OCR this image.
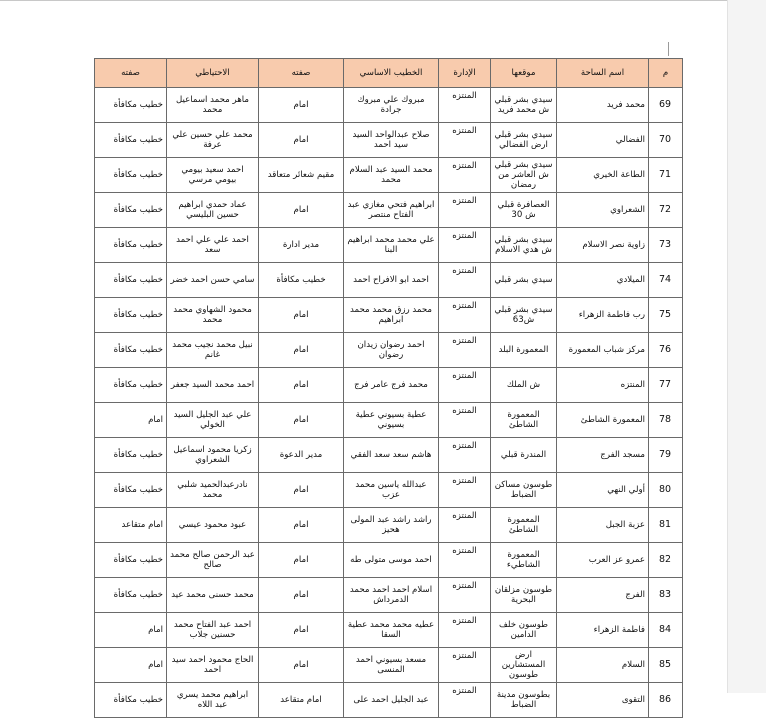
م	اسم الساحة	موقعها	الإدارة	الخطيب الاساسي	صفته	الاحتياطي	صفته
69	محمد فريد	سيدي بشر قبلي ش محمد فريد	المنتزه	مبروك علي مبروك جرادة	امام	ماهر محمد اسماعيل محمد	خطيب مكافأة
70	الفضالي	سيدي بشر قبلي ارض الفضالي	المنتزه	صلاح عبدالواحد السيد سيد احمد	امام	محمد علي حسين علي عرفة	خطيب مكافأة
71	الطاعة الخيري	سيدي بشر قبلي ش العاشر من رمضان	المنتزه	محمد السيد عبد السلام محمد	مقيم شعائر متعاقد	احمد سعيد بيومي بيومي مرسي	خطيب مكافأة
72	الشعراوي	العصافرة قبلي ش 30	المنتزه	ابراهيم فتحي مغازي عبد الفتاح منتصر	امام	عماد حمدي ابراهيم حسين البليسي	خطيب مكافأة
73	زاوية نصر الاسلام	سيدي بشر قبلي ش هدي الاسلام	المنتزه	علي محمد محمد ابراهيم البنا	مدير ادارة	احمد علي علي احمد سعد	خطيب مكافأة
74	الميلادي	سيدي بشر قبلي	المنتزه	احمد ابو الافراح احمد	خطيب مكافأة	سامي حسن احمد خضر	خطيب مكافأة
75	رب فاطمة الزهراء	سيدي بشر قبلي ش63	المنتزه	محمد رزق محمد محمد ابراهيم	امام	محمود الشهاوي محمد محمد	خطيب مكافأة
76	مركز شباب المعمورة	المعمورة البلد	المنتزه	احمد رضوان زيدان رضوان	امام	نبيل محمد نجيب محمد غانم	خطيب مكافأة
77	المنتزه	ش الملك	المنتزه	محمد فرج عامر فرج	امام	احمد محمد السيد جعفر	خطيب مكافأة
78	المعمورة الشاطئ	المعمورة الشاطئ	المنتزه	عطية بسيوني عطية بسيوني	امام	علي عبد الجليل السيد الخولي	امام
79	مسجد الفرج	المندرة قبلي	المنتزه	هاشم سعد سعد الفقي	مدير الدعوة	زكريا محمود اسماعيل الشعراوي	خطيب مكافأة
80	أولي النهي	طوسون مساكن الضباط	المنتزه	عبدالله ياسين محمد عزب	امام	نادرعبدالحميد شلبي محمد	خطيب مكافأة
81	عزبة الجبل	المعمورة الشاطئ	المنتزه	راشد راشد عبد المولى هحيز	امام	عبود محمود عيسي	امام متقاعد
82	عمرو عز العرب	المعمورة الشاطيء	المنتزه	احمد موسى متولى طه	امام	عبد الرحمن صالح محمد صالح	خطيب مكافأة
83	الفرج	طوسون مزلقان البحرية	المنتزه	اسلام احمد احمد محمد الدمرداش	امام	محمد حسنى محمد عيد	خطيب مكافأة
84	فاطمة الزهراء	طوسون خلف الدامين	المنتزه	عطيه محمد محمد عطية السقا	امام	احمد عبد الفتاح محمد حسنين جلاب	امام
85	السلام	ارض المستشارين طوسون	المنتزه	مسعد بسيوني احمد المنسى	امام	الحاج محمود احمد سيد احمد	امام
86	التقوى	بطوسون مدينة الضباط	المنتزه	عبد الجليل احمد على	امام متقاعد	ابراهيم محمد يسري عبد اللاه	خطيب مكافأة
